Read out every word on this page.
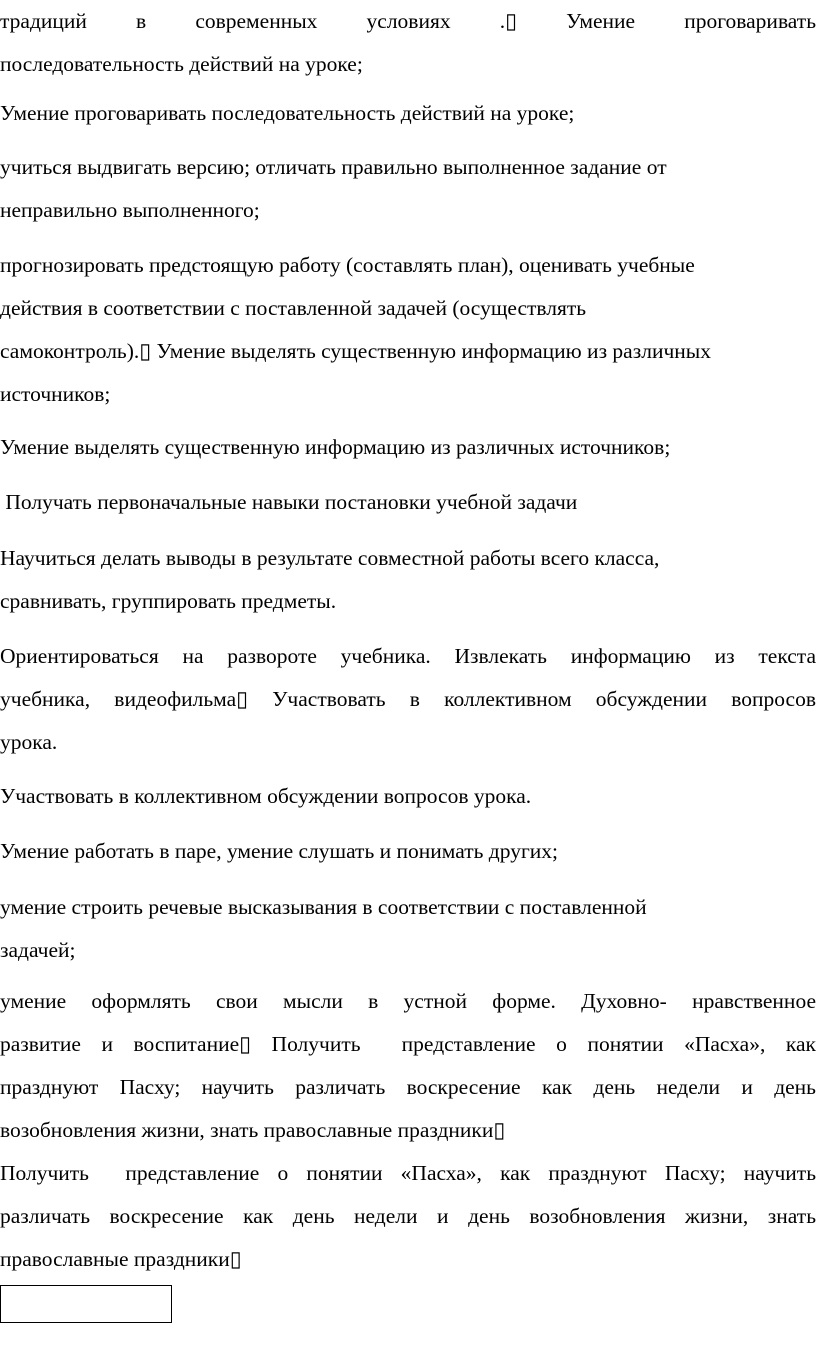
традиций в современных условиях .▯ Умение проговаривать
последовательность действий на уроке;
Умение проговаривать последовательность действий на уроке;
учиться выдвигать версию; отличать правильно выполненное задание от
неправильно выполненного;
прогнозировать предстоящую работу (составлять план), оценивать учебные
действия в соответствии с поставленной задачей (осуществлять
самоконтроль).▯ Умение выделять существенную информацию из различных
источников;
Умение выделять существенную информацию из различных источников;
Получать первоначальные навыки постановки учебной задачи
Научиться делать выводы в результате совместной работы всего класса,
сравнивать, группировать предметы.
Ориентироваться на развороте учебника. Извлекать информацию из текста
учебника, видеофильма▯ Участвовать в коллективном обсуждении вопросов
урока.
Участвовать в коллективном обсуждении вопросов урока.
Умение работать в паре, умение слушать и понимать других;
умение строить речевые высказывания в соответствии с поставленной
задачей;
умение оформлять свои мысли в устной форме. Духовно- нравственное
развитие и воспитание▯ Получить  представление о понятии «Пасха», как
празднуют Пасху; научить различать воскресение как день недели и день
возобновления жизни, знать православные праздники▯
Получить  представление о понятии «Пасха», как празднуют Пасху; научить
различать воскресение как день недели и день возобновления жизни, знать
православные праздники▯
